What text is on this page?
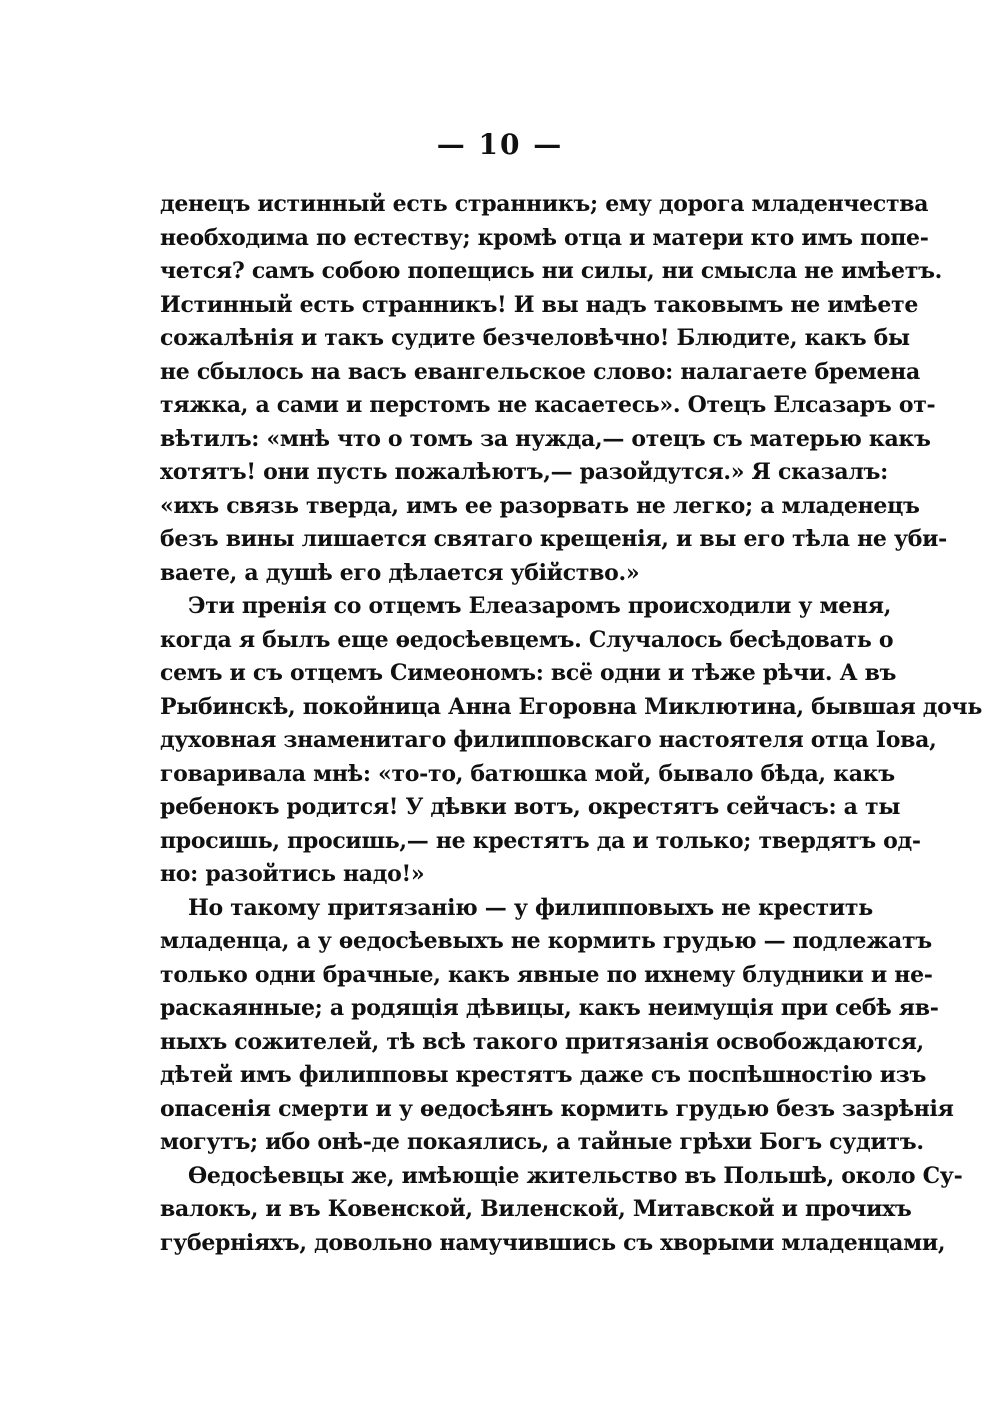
— 10 —
денецъ истинный есть странникъ; ему дорога младенчества
необходима по естеству; кромѣ отца и матери кто имъ попе-
чется? самъ собою попещись ни силы, ни смысла не имѣетъ.
Истинный есть странникъ! И вы надъ таковымъ не имѣете
сожалѣнія и такъ судите безчеловѣчно! Блюдите, какъ бы
не сбылось на васъ евангельское слово: налагаете бремена
тяжка, а сами и перстомъ не касаетесь». Отецъ Елсазаръ от-
вѣтилъ: «мнѣ что о томъ за нужда,— отецъ съ матерью какъ
хотятъ! они пусть пожалѣютъ,— разойдутся.» Я сказалъ:
«ихъ связь тверда, имъ ее разорвать не легко; а младенецъ
безъ вины лишается святаго крещенія, и вы его тѣла не уби-
ваете, а душѣ его дѣлается убійство.»
Эти пренія со отцемъ Елеазаромъ происходили у меня,
когда я былъ еще ѳедосѣевцемъ. Случалось бесѣдовать о
семъ и съ отцемъ Симеономъ: всё одни и тѣже рѣчи. А въ
Рыбинскѣ, покойница Анна Егоровна Миклютина, бывшая дочь
духовная знаменитаго филипповскаго настоятеля отца Іова,
говаривала мнѣ: «то-то, батюшка мой, бывало бѣда, какъ
ребенокъ родится! У дѣвки вотъ, окрестятъ сейчасъ: а ты
просишь, просишь,— не крестятъ да и только; твердятъ од-
но: разойтись надо!»
Но такому притязанію — у филипповыхъ не крестить
младенца, а у ѳедосѣевыхъ не кормить грудью — подлежатъ
только одни брачные, какъ явные по ихнему блудники и не-
раскаянные; а родящія дѣвицы, какъ неимущія при себѣ яв-
ныхъ сожителей, тѣ всѣ такого притязанія освобождаются,
дѣтей имъ филипповы крестятъ даже съ поспѣшностію изъ
опасенія смерти и у ѳедосѣянъ кормить грудью безъ зазрѣнія
могутъ; ибо онѣ-де покаялись, а тайные грѣхи Богъ судитъ.
Ѳедосѣевцы же, имѣющіе жительство въ Польшѣ, около Су-
валокъ, и въ Ковенской, Виленской, Митавской и прочихъ
губерніяхъ, довольно намучившись съ хворыми младенцами,
